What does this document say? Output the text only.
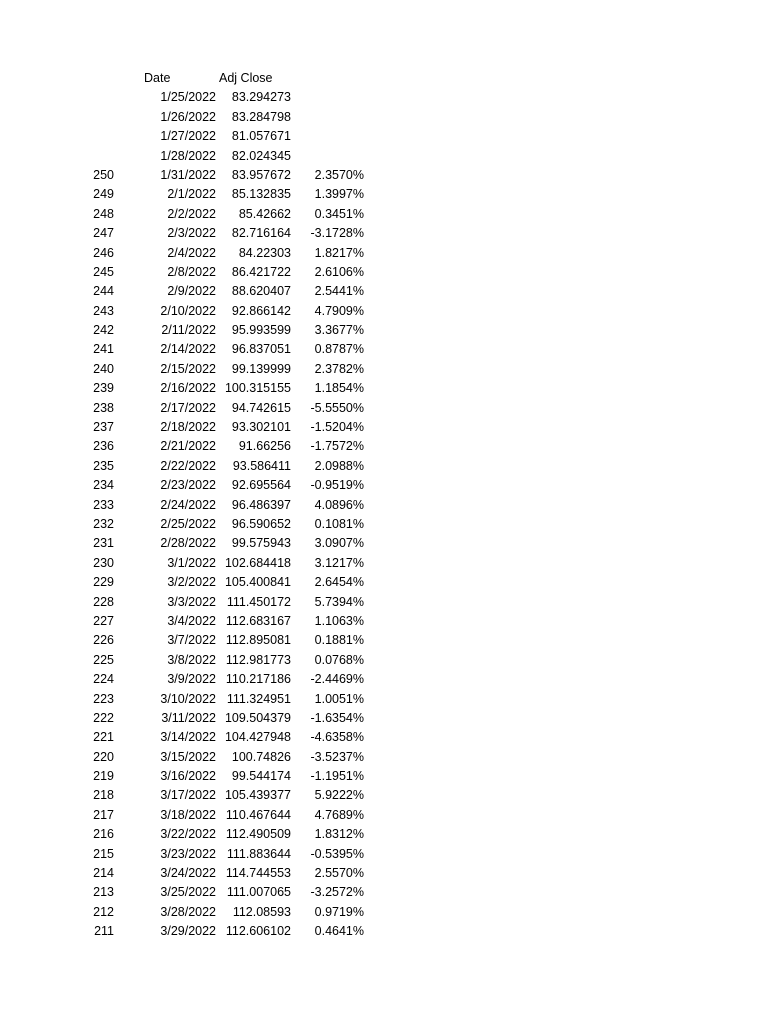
Date	Adj Close
1/25/2022	83.294273
1/26/2022	83.284798
1/27/2022	81.057671
1/28/2022	82.024345
250	1/31/2022	83.957672	2.3570%
249	2/1/2022	85.132835	1.3997%
248	2/2/2022	85.42662	0.3451%
247	2/3/2022	82.716164	-3.1728%
246	2/4/2022	84.22303	1.8217%
245	2/8/2022	86.421722	2.6106%
244	2/9/2022	88.620407	2.5441%
243	2/10/2022	92.866142	4.7909%
242	2/11/2022	95.993599	3.3677%
241	2/14/2022	96.837051	0.8787%
240	2/15/2022	99.139999	2.3782%
239	2/16/2022 100.315155	1.1854%
238	2/17/2022	94.742615	-5.5550%
237	2/18/2022	93.302101	-1.5204%
236	2/21/2022	91.66256	-1.7572%
235	2/22/2022	93.586411	2.0988%
234	2/23/2022	92.695564	-0.9519%
233	2/24/2022	96.486397	4.0896%
232	2/25/2022	96.590652	0.1081%
231	2/28/2022	99.575943	3.0907%
230	3/1/2022 102.684418	3.1217%
229	3/2/2022 105.400841	2.6454%
228	3/3/2022 111.450172	5.7394%
227	3/4/2022 112.683167	1.1063%
226	3/7/2022 112.895081	0.1881%
225	3/8/2022 112.981773	0.0768%
224	3/9/2022 110.217186	-2.4469%
223	3/10/2022 111.324951	1.0051%
222	3/11/2022 109.504379	-1.6354%
221	3/14/2022 104.427948	-4.6358%
220	3/15/2022	100.74826	-3.5237%
219	3/16/2022	99.544174	-1.1951%
218	3/17/2022 105.439377	5.9222%
217	3/18/2022 110.467644	4.7689%
216	3/22/2022 112.490509	1.8312%
215	3/23/2022 111.883644	-0.5395%
214	3/24/2022 114.744553	2.5570%
213	3/25/2022 111.007065	-3.2572%
212	3/28/2022	112.08593	0.9719%
211	3/29/2022 112.606102	0.4641%
